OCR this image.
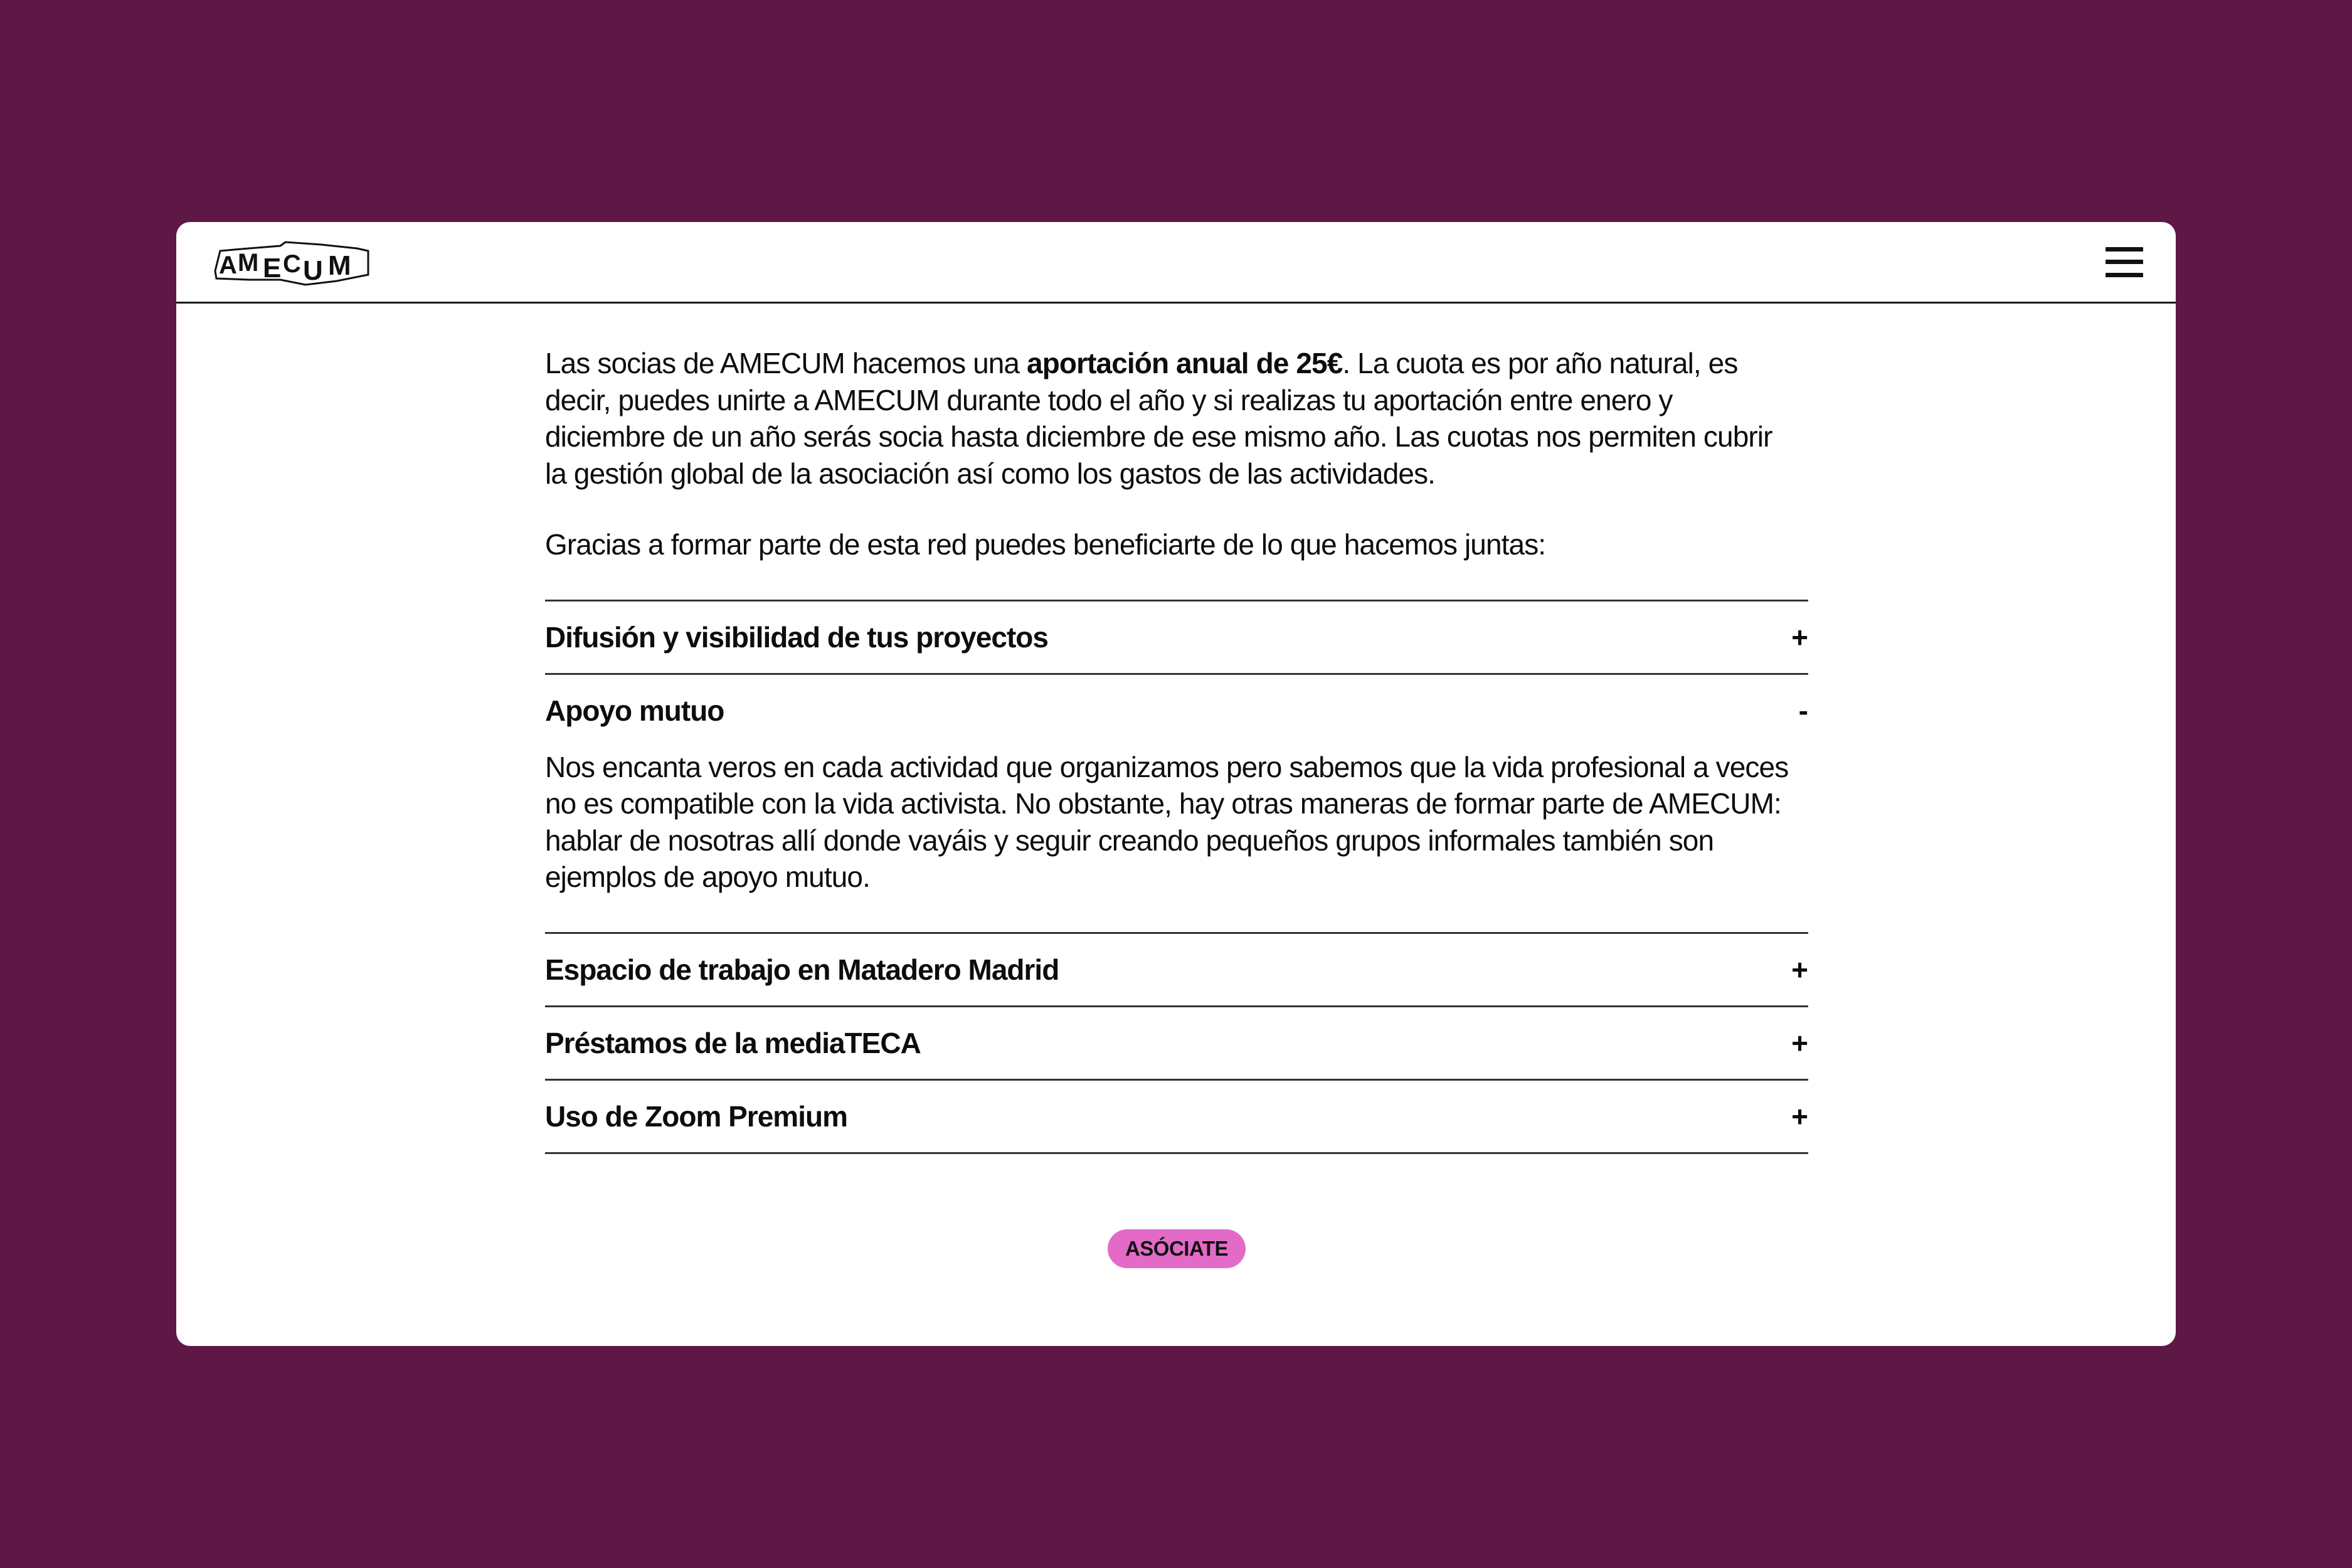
A M E C U M

Las socias de AMECUM hacemos una aportación anual de 25€. La cuota es por año natural, es decir, puedes unirte a AMECUM durante todo el año y si realizas tu aportación entre enero y diciembre de un año serás socia hasta diciembre de ese mismo año. Las cuotas nos permiten cubrir la gestión global de la asociación así como los gastos de las actividades.

Gracias a formar parte de esta red puedes beneficiarte de lo que hacemos juntas:

Difusión y visibilidad de tus proyectos	+
Apoyo mutuo	-
Nos encanta veros en cada actividad que organizamos pero sabemos que la vida profesional a veces no es compatible con la vida activista. No obstante, hay otras maneras de formar parte de AMECUM: hablar de nosotras allí donde vayáis y seguir creando pequeños grupos informales también son ejemplos de apoyo mutuo.
Espacio de trabajo en Matadero Madrid	+
Préstamos de la mediaTECA	+
Uso de Zoom Premium	+
ASÓCIATE
